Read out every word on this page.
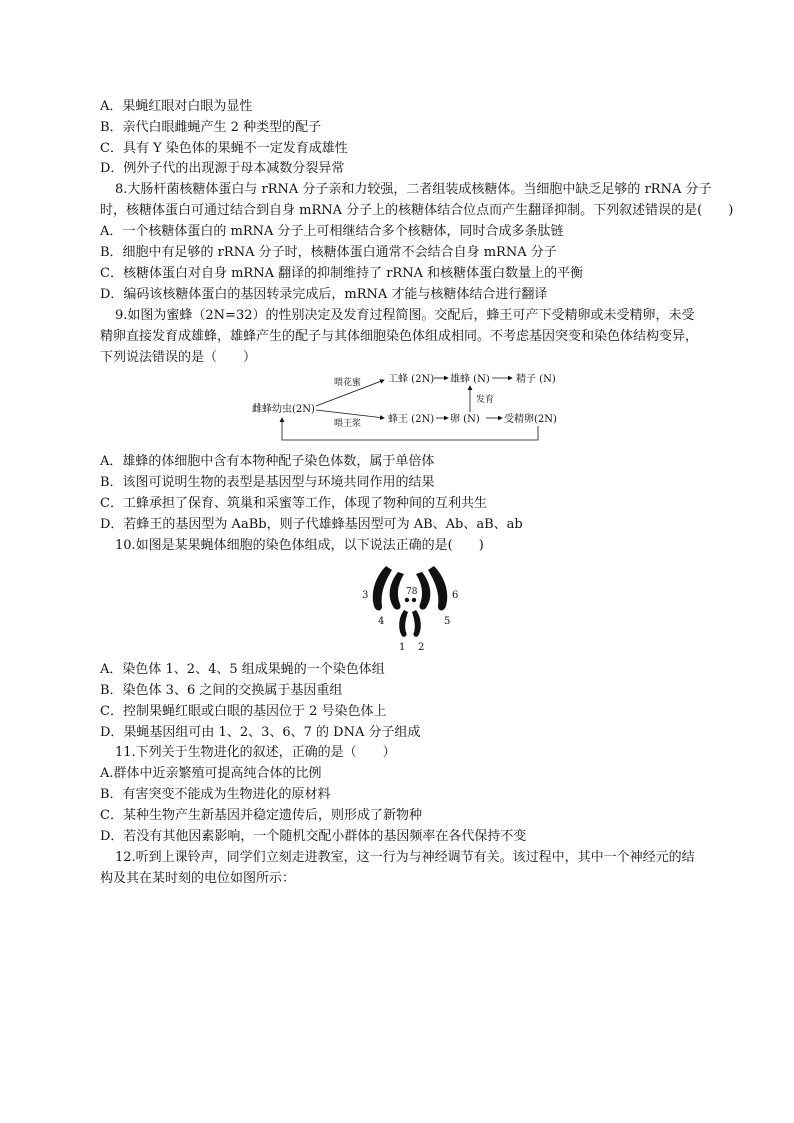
A．果蝇红眼对白眼为显性
B．亲代白眼雌蝇产生 2 种类型的配子
C．具有 Y 染色体的果蝇不一定发育成雄性
D．例外子代的出现源于母本减数分裂异常
8.大肠杆菌核糖体蛋白与 rRNA 分子亲和力较强，二者组装成核糖体。当细胞中缺乏足够的 rRNA 分子
时，核糖体蛋白可通过结合到自身 mRNA 分子上的核糖体结合位点而产生翻译抑制。下列叙述错误的是(　　)
A．一个核糖体蛋白的 mRNA 分子上可相继结合多个核糖体，同时合成多条肽链
B．细胞中有足够的 rRNA 分子时，核糖体蛋白通常不会结合自身 mRNA 分子
C．核糖体蛋白对自身 mRNA 翻译的抑制维持了 rRNA 和核糖体蛋白数量上的平衡
D．编码该核糖体蛋白的基因转录完成后，mRNA 才能与核糖体结合进行翻译
9.如图为蜜蜂（2N=32）的性别决定及发育过程简图。交配后，蜂王可产下受精卵或未受精卵，未受
精卵直接发育成雄蜂，雄蜂产生的配子与其体细胞染色体组成相同。不考虑基因突变和染色体结构变异，
下列说法错误的是（　　）
雌蜂幼虫(2N)
喂花蜜	工蜂 (2N) 雄蜂 (N)	精子 (N)
发育
喂王浆	蜂王 (2N) 卵 (N) 受精卵(2N)
A．雄蜂的体细胞中含有本物种配子染色体数，属于单倍体
B．该图可说明生物的表型是基因型与环境共同作用的结果
C．工蜂承担了保育、筑巢和采蜜等工作，体现了物种间的互利共生
D．若蜂王的基因型为 AaBb，则子代雄蜂基因型可为 AB、Ab、aB、ab
10.如图是某果蝇体细胞的染色体组成，以下说法正确的是(　　)
3
4
78	6
5
1 2
A．染色体 1、2、4、5 组成果蝇的一个染色体组
B．染色体 3、6 之间的交换属于基因重组
C．控制果蝇红眼或白眼的基因位于 2 号染色体上
D．果蝇基因组可由 1、2、3、6、7 的 DNA 分子组成
11.下列关于生物进化的叙述，正确的是（　　）
A.群体中近亲繁殖可提高纯合体的比例
B．有害突变不能成为生物进化的原材料
C．某种生物产生新基因并稳定遗传后，则形成了新物种
D．若没有其他因素影响，一个随机交配小群体的基因频率在各代保持不变
12.听到上课铃声，同学们立刻走进教室，这一行为与神经调节有关。该过程中，其中一个神经元的结
构及其在某时刻的电位如图所示：
